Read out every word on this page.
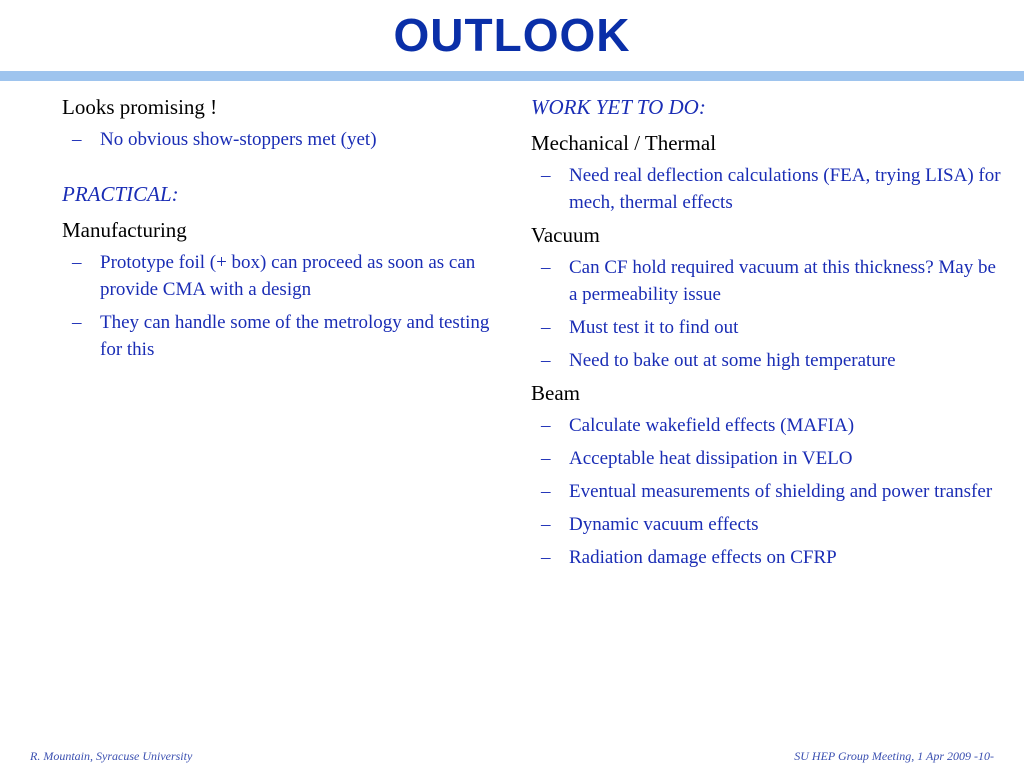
OUTLOOK

Looks promising !

– No obvious show-stoppers met (yet)

PRACTICAL:

Manufacturing

– Prototype foil (+ box) can proceed as soon as can provide CMA with a design
– They can handle some of the metrology and testing for this

WORK YET TO DO:

Mechanical / Thermal

– Need real deflection calculations (FEA, trying LISA) for mech, thermal effects

Vacuum

– Can CF hold required vacuum at this thickness? May be a permeability issue
– Must test it to find out
– Need to bake out at some high temperature

Beam

– Calculate wakefield effects (MAFIA)
– Acceptable heat dissipation in VELO
– Eventual measurements of shielding and power transfer
– Dynamic vacuum effects
– Radiation damage effects on CFRP
R. Mountain, Syracuse University	SU HEP Group Meeting, 1 Apr 2009 -10-
